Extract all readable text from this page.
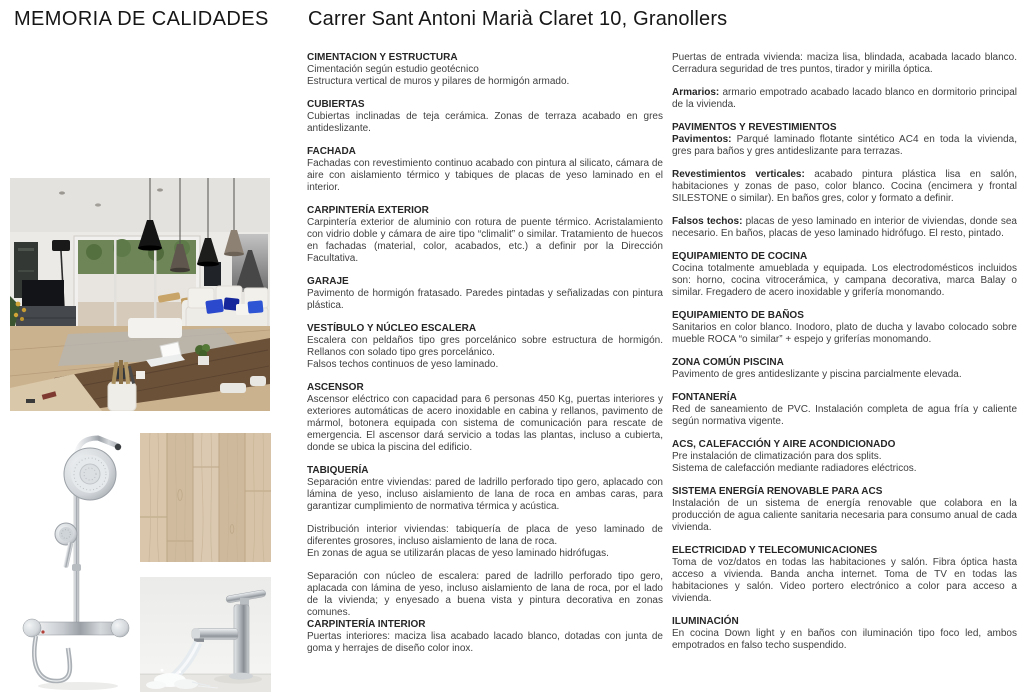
MEMORIA DE CALIDADES Carrer Sant Antoni Marià Claret 10, Granollers
CIMENTACION Y ESTRUCTURA

Cimentación según estudio geotécnico

Estructura vertical de muros y pilares de hormigón armado.

CUBIERTAS

Cubiertas inclinadas de teja cerámica. Zonas de terraza acabado en gres antideslizante.

FACHADA

Fachadas con revestimiento continuo acabado con pintura al silicato, cámara de aire con aislamiento térmico y tabiques de placas de yeso laminado en el interior.

CARPINTERÍA EXTERIOR

Carpintería exterior de aluminio con rotura de puente térmico. Acristalamiento con vidrio doble y cámara de aire tipo “climalit” o similar. Tratamiento de huecos en fachadas (material, color, acabados, etc.) a definir por la Dirección Facultativa.

GARAJE

Pavimento de hormigón fratasado. Paredes pintadas y señalizadas con pintura plástica.

VESTÍBULO Y NÚCLEO ESCALERA

Escalera con peldaños tipo gres porcelánico sobre estructura de hormigón. Rellanos con solado tipo gres porcelánico.

Falsos techos continuos de yeso laminado.

ASCENSOR

Ascensor eléctrico con capacidad para 6 personas 450 Kg, puertas interiores y exteriores automáticas de acero inoxidable en cabina y rellanos, pavimento de mármol, botonera equipada con sistema de comunicación para rescate de emergencia. El ascensor dará servicio a todas las plantas, incluso a cubierta, donde se ubica la piscina del edificio.

TABIQUERÍA

Separación entre viviendas: pared de ladrillo perforado tipo gero, aplacado con lámina de yeso, incluso aislamiento de lana de roca en ambas caras, para garantizar cumplimiento de normativa térmica y acústica.

Distribución interior viviendas: tabiquería de placa de yeso laminado de diferentes grosores, incluso aislamiento de lana de roca.

En zonas de agua se utilizarán placas de yeso laminado hidrófugas.

Separación con núcleo de escalera: pared de ladrillo perforado tipo gero, aplacada con lámina de yeso, incluso aislamiento de lana de roca, por el lado de la vivienda; y enyesado a buena vista y pintura decorativa en zonas comunes.

CARPINTERÍA INTERIOR

Puertas interiores: maciza lisa acabado lacado blanco, dotadas con junta de goma y herrajes de diseño color inox.

Puertas de entrada vivienda: maciza lisa, blindada, acabada lacado blanco. Cerradura seguridad de tres puntos, tirador y mirilla óptica.

Armarios: armario empotrado acabado lacado blanco en dormitorio principal de la vivienda.

PAVIMENTOS Y REVESTIMIENTOS

Pavimentos: Parqué laminado flotante sintético AC4 en toda la vivienda, gres para baños y gres antideslizante para terrazas.

Revestimientos verticales: acabado pintura plástica lisa en salón, habitaciones y zonas de paso, color blanco. Cocina (encimera y frontal SILESTONE o similar). En baños gres, color y formato a definir.

Falsos techos: placas de yeso laminado en interior de viviendas, donde sea necesario. En baños, placas de yeso laminado hidrófugo. El resto, pintado.

EQUIPAMIENTO DE COCINA

Cocina totalmente amueblada y equipada. Los electrodomésticos incluidos son: horno, cocina vitrocerámica, y campana decorativa, marca Balay o similar. Fregadero de acero inoxidable y grifería monomando.

EQUIPAMIENTO DE BAÑOS

Sanitarios en color blanco. Inodoro, plato de ducha y lavabo colocado sobre mueble ROCA “o similar” + espejo y griferías monomando.

ZONA COMÚN PISCINA

Pavimento de gres antideslizante y piscina parcialmente elevada.

FONTANERÍA

Red de saneamiento de PVC. Instalación completa de agua fría y caliente según normativa vigente.

ACS, CALEFACCIÓN Y AIRE ACONDICIONADO

Pre instalación de climatización para dos splits.

Sistema de calefacción mediante radiadores eléctricos.

SISTEMA ENERGÍA RENOVABLE PARA ACS

Instalación de un sistema de energía renovable que colabora en la producción de agua caliente sanitaria necesaria para consumo anual de cada vivienda.

ELECTRICIDAD Y TELECOMUNICACIONES

Toma de voz/datos en todas las habitaciones y salón. Fibra óptica hasta acceso a vivienda. Banda ancha internet. Toma de TV en todas las habitaciones y salón. Video portero electrónico a color para acceso a vivienda.

ILUMINACIÓN

En cocina Down light y en baños con iluminación tipo foco led, ambos empotrados en falso techo suspendido.
